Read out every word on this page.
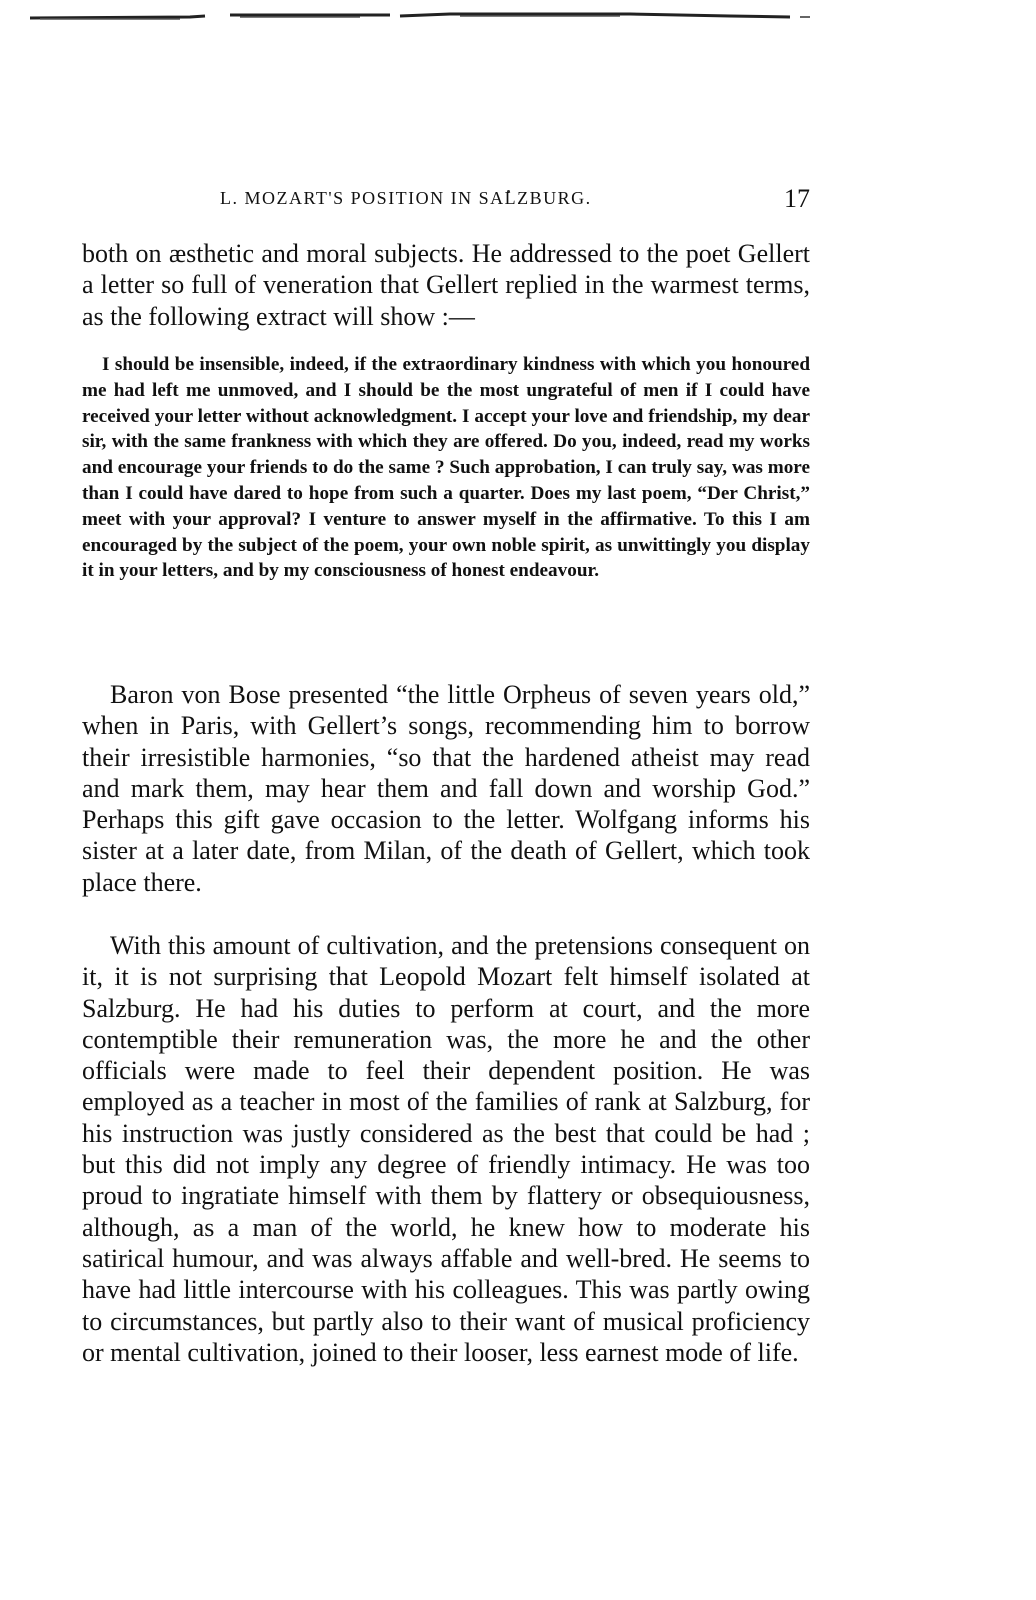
L. MOZART'S POSITION IN SALZBURG.	17

both on æsthetic and moral subjects. He addressed to the poet Gellert a letter so full of veneration that Gellert replied in the warmest terms, as the following extract will show :—

I should be insensible, indeed, if the extraordinary kindness with which you honoured me had left me unmoved, and I should be the most ungrateful of men if I could have received your letter without acknowledgment. I accept your love and friendship, my dear sir, with the same frankness with which they are offered. Do you, indeed, read my works and encourage your friends to do the same ? Such approbation, I can truly say, was more than I could have dared to hope from such a quarter. Does my last poem, “Der Christ,” meet with your approval? I venture to answer myself in the affirmative. To this I am encouraged by the subject of the poem, your own noble spirit, as unwittingly you display it in your letters, and by my consciousness of honest endeavour.

Baron von Bose presented “the little Orpheus of seven years old,” when in Paris, with Gellert’s songs, recommending him to borrow their irresistible harmonies, “so that the hardened atheist may read and mark them, may hear them and fall down and worship God.” Perhaps this gift gave occasion to the letter. Wolfgang informs his sister at a later date, from Milan, of the death of Gellert, which took place there.

With this amount of cultivation, and the pretensions consequent on it, it is not surprising that Leopold Mozart felt himself isolated at Salzburg. He had his duties to perform at court, and the more contemptible their remuneration was, the more he and the other officials were made to feel their dependent position. He was employed as a teacher in most of the families of rank at Salzburg, for his instruction was justly considered as the best that could be had ; but this did not imply any degree of friendly intimacy. He was too proud to ingratiate himself with them by flattery or obsequiousness, although, as a man of the world, he knew how to moderate his satirical humour, and was always affable and well-bred. He seems to have had little intercourse with his colleagues. This was partly owing to circumstances, but partly also to their want of musical proficiency or mental cultivation, joined to their looser, less earnest mode of life.
